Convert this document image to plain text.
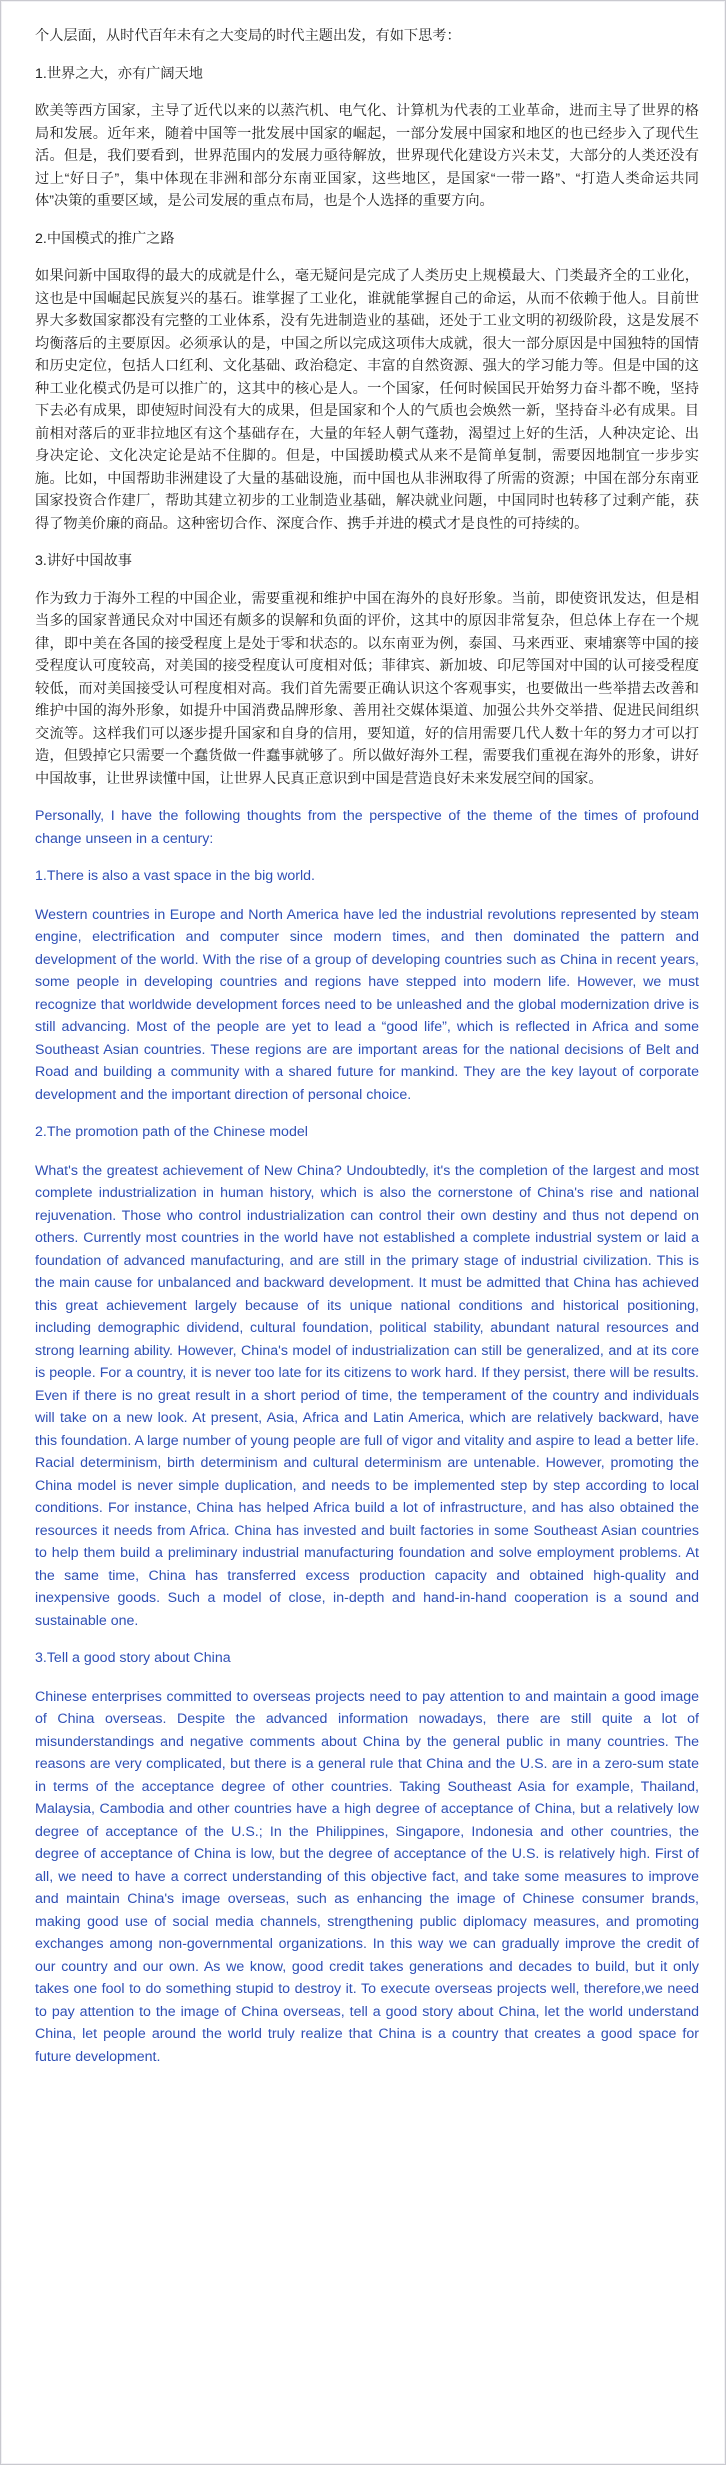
个人层面，从时代百年未有之大变局的时代主题出发，有如下思考：

1.世界之大，亦有广阔天地

欧美等西方国家，主导了近代以来的以蒸汽机、电气化、计算机为代表的工业革命，进而主导了世界的格局和发展。近年来，随着中国等一批发展中国家的崛起，一部分发展中国家和地区的也已经步入了现代生活。但是，我们要看到，世界范围内的发展力亟待解放，世界现代化建设方兴未艾，大部分的人类还没有过上“好日子”，集中体现在非洲和部分东南亚国家，这些地区，是国家“一带一路”、“打造人类命运共同体”决策的重要区域，是公司发展的重点布局，也是个人选择的重要方向。

2.中国模式的推广之路

如果问新中国取得的最大的成就是什么，毫无疑问是完成了人类历史上规模最大、门类最齐全的工业化，这也是中国崛起民族复兴的基石。谁掌握了工业化，谁就能掌握自己的命运，从而不依赖于他人。目前世界大多数国家都没有完整的工业体系，没有先进制造业的基础，还处于工业文明的初级阶段，这是发展不均衡落后的主要原因。必须承认的是，中国之所以完成这项伟大成就，很大一部分原因是中国独特的国情和历史定位，包括人口红利、文化基础、政治稳定、丰富的自然资源、强大的学习能力等。但是中国的这种工业化模式仍是可以推广的，这其中的核心是人。一个国家，任何时候国民开始努力奋斗都不晚，坚持下去必有成果，即使短时间没有大的成果，但是国家和个人的气质也会焕然一新，坚持奋斗必有成果。目前相对落后的亚非拉地区有这个基础存在，大量的年轻人朝气蓬勃，渴望过上好的生活，人种决定论、出身决定论、文化决定论是站不住脚的。但是，中国援助模式从来不是简单复制，需要因地制宜一步步实施。比如，中国帮助非洲建设了大量的基础设施，而中国也从非洲取得了所需的资源；中国在部分东南亚国家投资合作建厂，帮助其建立初步的工业制造业基础，解决就业问题，中国同时也转移了过剩产能，获得了物美价廉的商品。这种密切合作、深度合作、携手并进的模式才是良性的可持续的。

3.讲好中国故事

作为致力于海外工程的中国企业，需要重视和维护中国在海外的良好形象。当前，即使资讯发达，但是相当多的国家普通民众对中国还有颇多的误解和负面的评价，这其中的原因非常复杂，但总体上存在一个规律，即中美在各国的接受程度上是处于零和状态的。以东南亚为例，泰国、马来西亚、柬埔寨等中国的接受程度认可度较高，对美国的接受程度认可度相对低；菲律宾、新加坡、印尼等国对中国的认可接受程度较低，而对美国接受认可程度相对高。我们首先需要正确认识这个客观事实，也要做出一些举措去改善和维护中国的海外形象，如提升中国消费品牌形象、善用社交媒体渠道、加强公共外交举措、促进民间组织交流等。这样我们可以逐步提升国家和自身的信用，要知道，好的信用需要几代人数十年的努力才可以打造，但毁掉它只需要一个蠢货做一件蠢事就够了。所以做好海外工程，需要我们重视在海外的形象，讲好中国故事，让世界读懂中国，让世界人民真正意识到中国是营造良好未来发展空间的国家。

Personally, I have the following thoughts from the perspective of the theme of the times of profound change unseen in a century:

1.There is also a vast space in the big world.

Western countries in Europe and North America have led the industrial revolutions represented by steam engine, electrification and computer since modern times, and then dominated the pattern and development of the world. With the rise of a group of developing countries such as China in recent years, some people in developing countries and regions have stepped into modern life. However, we must recognize that worldwide development forces need to be unleashed and the global modernization drive is still advancing. Most of the people are yet to lead a “good life”, which is reflected in Africa and some Southeast Asian countries. These regions are are important areas for the national decisions of Belt and Road and building a community with a shared future for mankind. They are the key layout of corporate development and the important direction of personal choice.

2.The promotion path of the Chinese model

What's the greatest achievement of New China? Undoubtedly, it's the completion of the largest and most complete industrialization in human history, which is also the cornerstone of China's rise and national rejuvenation. Those who control industrialization can control their own destiny and thus not depend on others. Currently most countries in the world have not established a complete industrial system or laid a foundation of advanced manufacturing, and are still in the primary stage of industrial civilization. This is the main cause for unbalanced and backward development. It must be admitted that China has achieved this great achievement largely because of its unique national conditions and historical positioning, including demographic dividend, cultural foundation, political stability, abundant natural resources and strong learning ability. However, China's model of industrialization can still be generalized, and at its core is people. For a country, it is never too late for its citizens to work hard. If they persist, there will be results. Even if there is no great result in a short period of time, the temperament of the country and individuals will take on a new look. At present, Asia, Africa and Latin America, which are relatively backward, have this foundation. A large number of young people are full of vigor and vitality and aspire to lead a better life. Racial determinism, birth determinism and cultural determinism are untenable. However, promoting the China model is never simple duplication, and needs to be implemented step by step according to local conditions. For instance, China has helped Africa build a lot of infrastructure, and has also obtained the resources it needs from Africa. China has invested and built factories in some Southeast Asian countries to help them build a preliminary industrial manufacturing foundation and solve employment problems. At the same time, China has transferred excess production capacity and obtained high-quality and inexpensive goods. Such a model of close, in-depth and hand-in-hand cooperation is a sound and sustainable one.

3.Tell a good story about China

Chinese enterprises committed to overseas projects need to pay attention to and maintain a good image of China overseas. Despite the advanced information nowadays, there are still quite a lot of misunderstandings and negative comments about China by the general public in many countries. The reasons are very complicated, but there is a general rule that China and the U.S. are in a zero-sum state in terms of the acceptance degree of other countries. Taking Southeast Asia for example, Thailand, Malaysia, Cambodia and other countries have a high degree of acceptance of China, but a relatively low degree of acceptance of the U.S.; In the Philippines, Singapore, Indonesia and other countries, the degree of acceptance of China is low, but the degree of acceptance of the U.S. is relatively high. First of all, we need to have a correct understanding of this objective fact, and take some measures to improve and maintain China's image overseas, such as enhancing the image of Chinese consumer brands, making good use of social media channels, strengthening public diplomacy measures, and promoting exchanges among non-governmental organizations. In this way we can gradually improve the credit of our country and our own. As we know, good credit takes generations and decades to build, but it only takes one fool to do something stupid to destroy it. To execute overseas projects well, therefore,we need to pay attention to the image of China overseas, tell a good story about China, let the world understand China, let people around the world truly realize that China is a country that creates a good space for future development.
